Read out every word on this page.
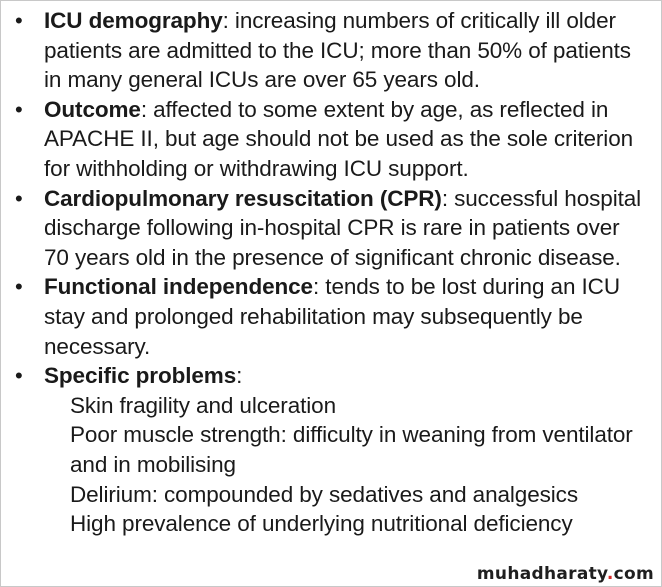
• ICU demography: increasing numbers of critically ill older patients are admitted to the ICU; more than 50% of patients in many general ICUs are over 65 years old.
• Outcome: affected to some extent by age, as reflected in APACHE II, but age should not be used as the sole criterion for withholding or withdrawing ICU support.
• Cardiopulmonary resuscitation (CPR): successful hospital discharge following in-hospital CPR is rare in patients over 70 years old in the presence of significant chronic disease.
• Functional independence: tends to be lost during an ICU stay and prolonged rehabilitation may subsequently be necessary.
• Specific problems:
Skin fragility and ulceration
Poor muscle strength: difficulty in weaning from ventilator and in mobilising
Delirium: compounded by sedatives and analgesics
High prevalence of underlying nutritional deficiency
muhadharaty.com
